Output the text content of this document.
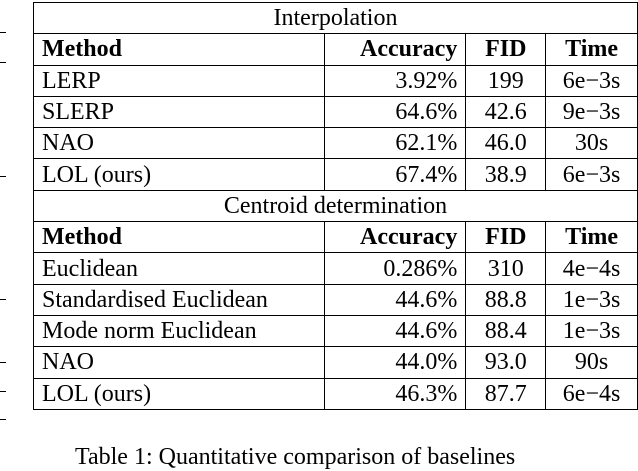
Interpolation			
Method	Accuracy	FID	Time
LERP	3.92%	199	6e−3s
SLERP	64.6%	42.6	9e−3s
NAO	62.1%	46.0	30s
LOL (ours)	67.4%	38.9	6e−3s
Centroid determination			
Method	Accuracy	FID	Time
Euclidean	0.286%	310	4e−4s
Standardised Euclidean	44.6%	88.8	1e−3s
Mode norm Euclidean	44.6%	88.4	1e−3s
NAO	44.0%	93.0	90s
LOL (ours)	46.3%	87.7	6e−4s
Table 1: Quantitative comparison of baselines
